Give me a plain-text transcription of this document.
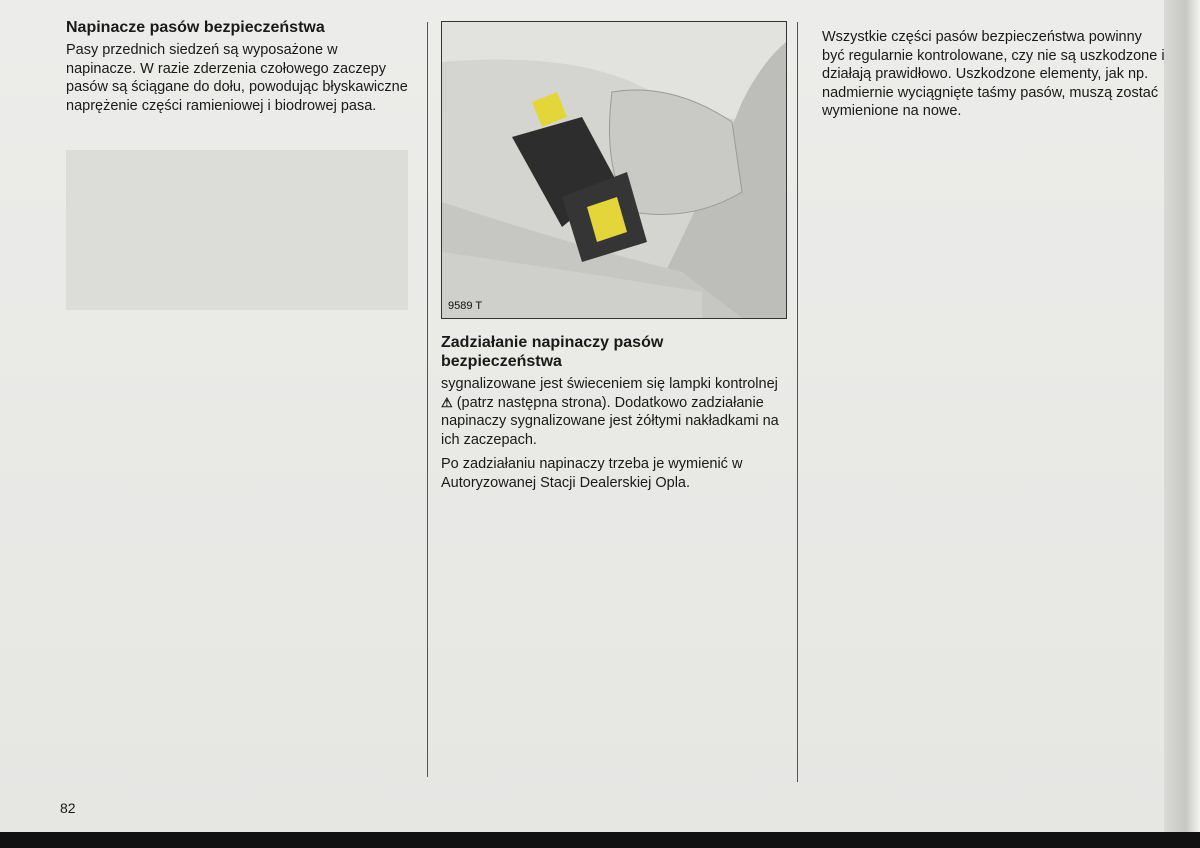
Napinacze pasów bezpieczeństwa

Pasy przednich siedzeń są wyposażone w napinacze. W razie zderzenia czołowego zaczepy pasów są ściągane do dołu, powodując błyskawiczne naprężenie części ramieniowej i biodrowej pasa.

9589 T
Zadziałanie napinaczy pasów bezpieczeństwa

sygnalizowane jest świeceniem się lampki kontrolnej ⚠ (patrz następna strona). Dodatkowo zadziałanie napinaczy sygnalizowane jest żółtymi nakładkami na ich zaczepach.

Po zadziałaniu napinaczy trzeba je wymienić w Autoryzowanej Stacji Dealerskiej Opla.

Wszystkie części pasów bezpieczeństwa powinny być regularnie kontrolowane, czy nie są uszkodzone i działają prawidłowo. Uszkodzone elementy, jak np. nadmiernie wyciągnięte taśmy pasów, muszą zostać wymienione na nowe.

82
